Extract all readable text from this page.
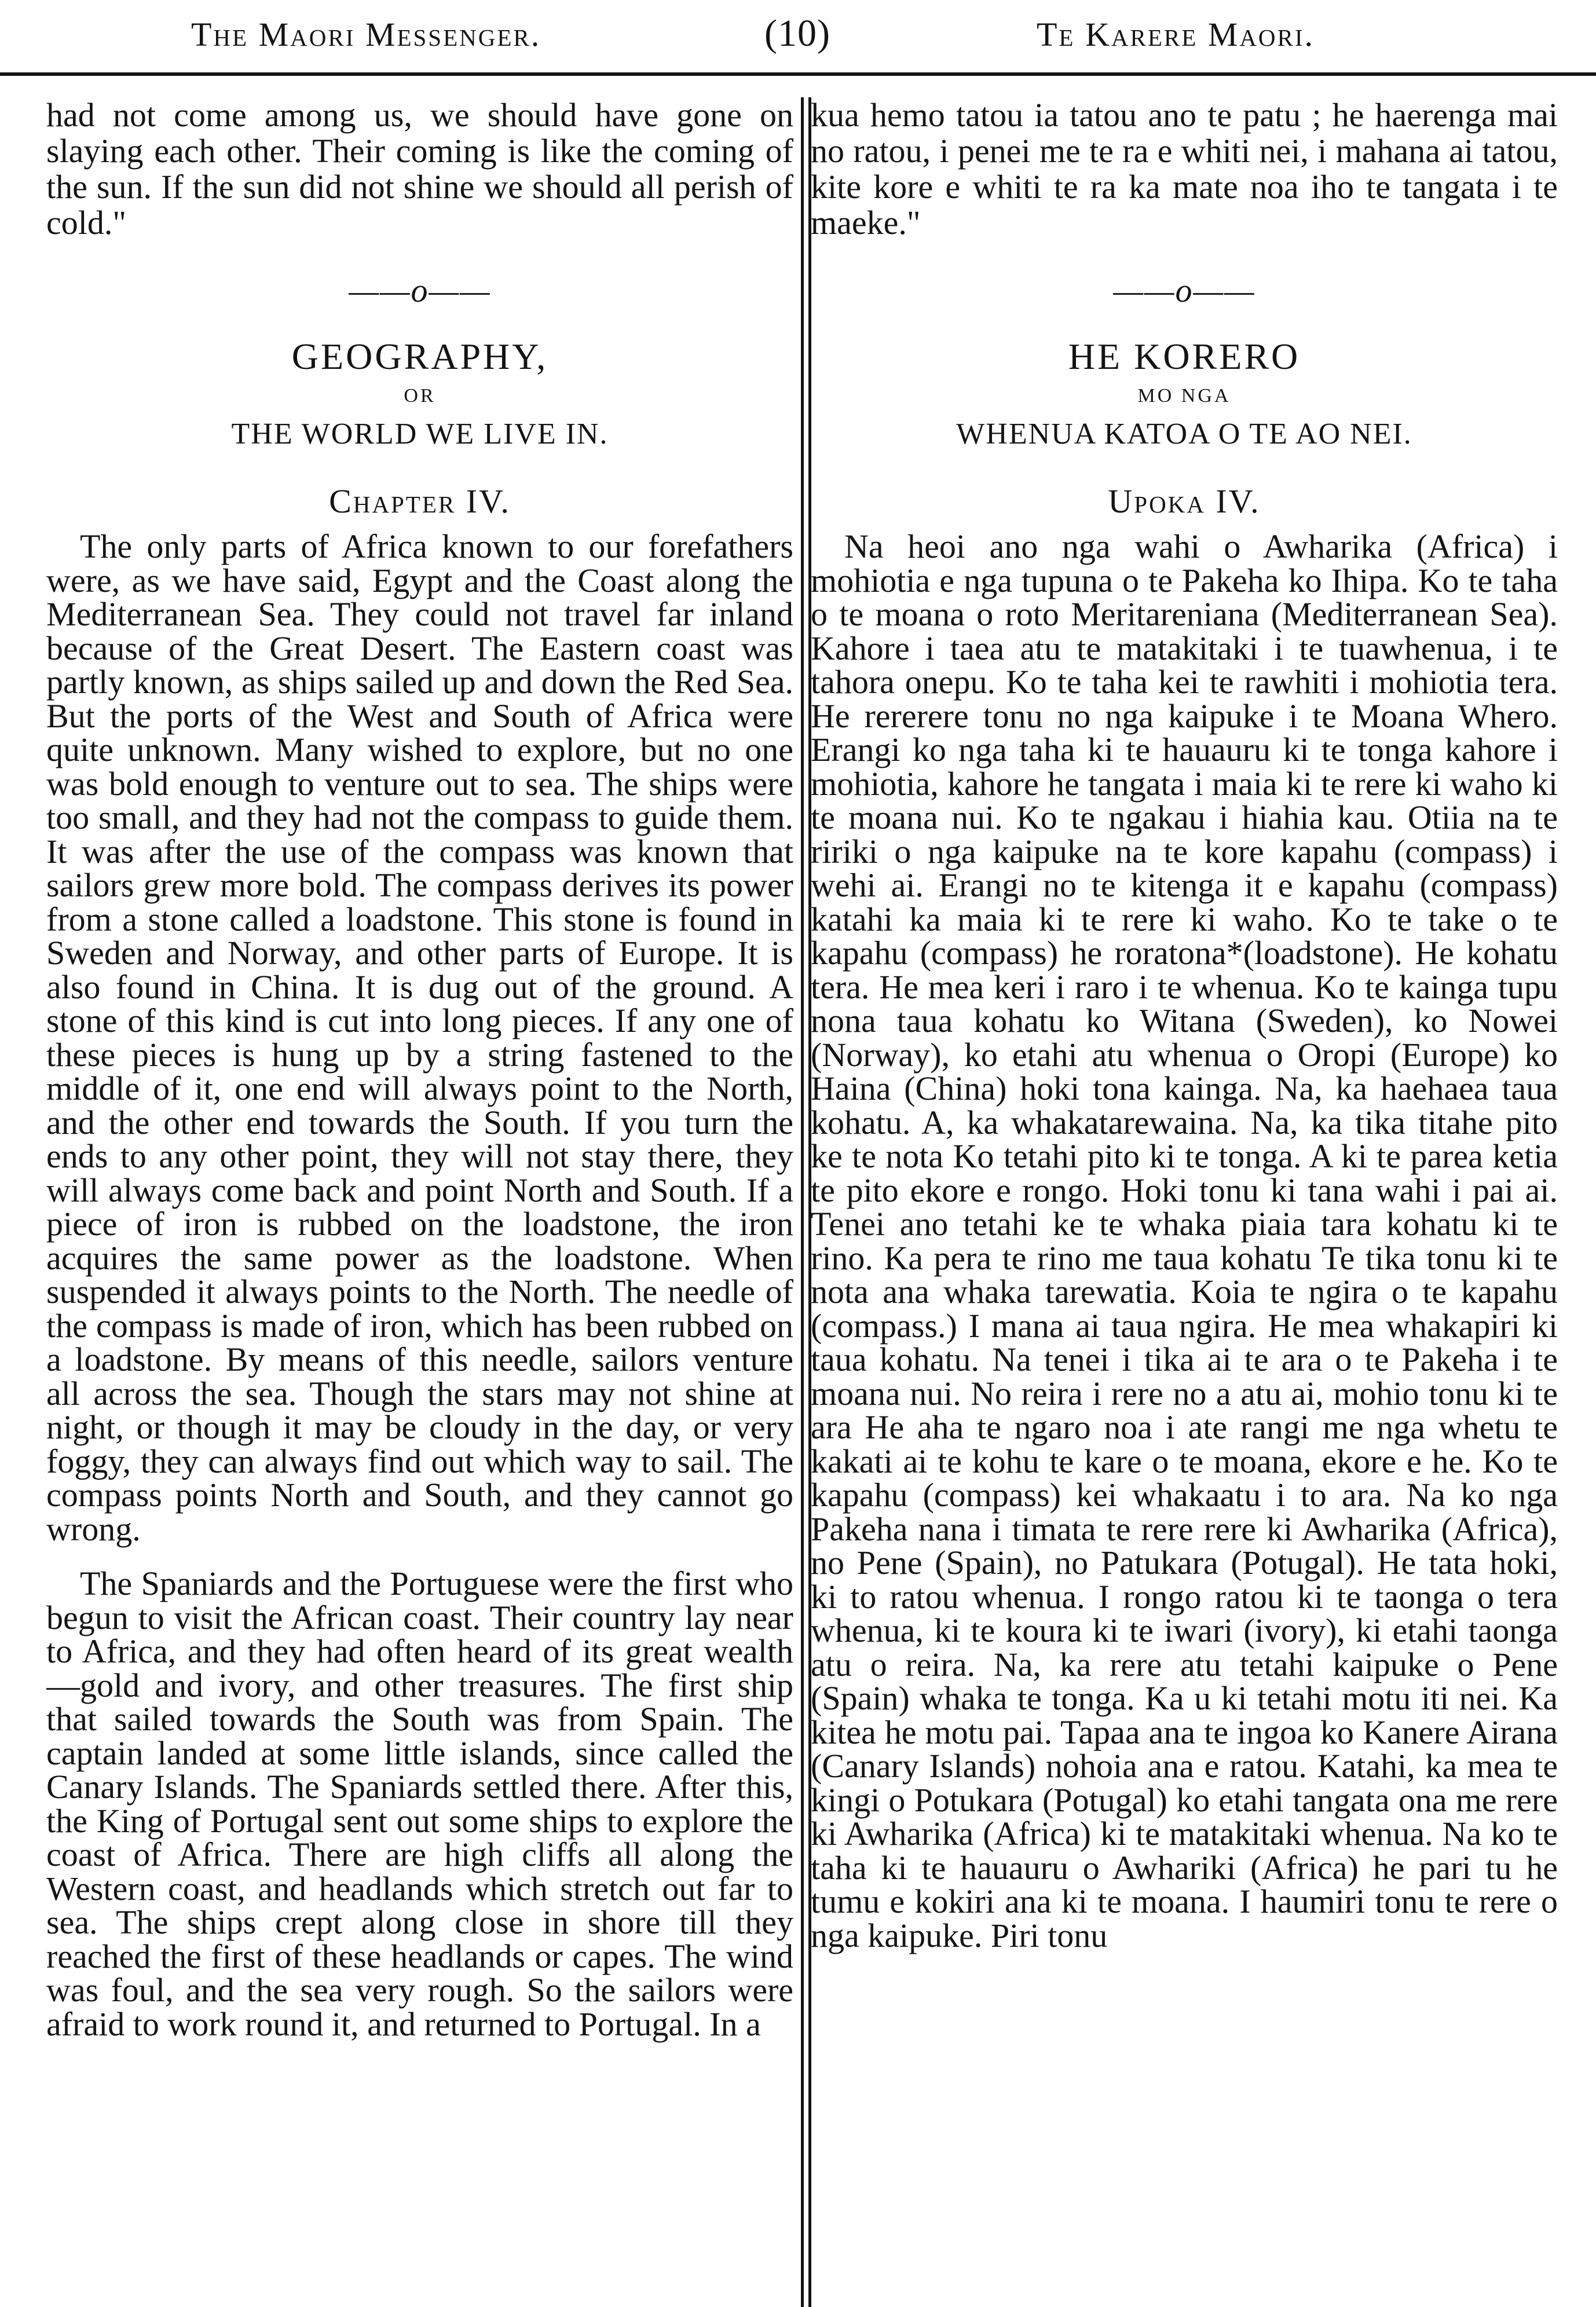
The Maori Messenger.	(10)	Te Karere Maori.

had not come among us, we should have gone on slaying each other. Their coming is like the coming of the sun. If the sun did not shine we should all perish of cold."

——o——
GEOGRAPHY,
OR
THE WORLD WE LIVE IN.
Chapter IV.

The only parts of Africa known to our forefathers were, as we have said, Egypt and the Coast along the Mediterranean Sea. They could not travel far inland because of the Great Desert. The Eastern coast was partly known, as ships sailed up and down the Red Sea. But the ports of the West and South of Africa were quite unknown. Many wished to explore, but no one was bold enough to venture out to sea. The ships were too small, and they had not the compass to guide them. It was after the use of the compass was known that sailors grew more bold. The compass derives its power from a stone called a loadstone. This stone is found in Sweden and Norway, and other parts of Europe. It is also found in China. It is dug out of the ground. A stone of this kind is cut into long pieces. If any one of these pieces is hung up by a string fastened to the middle of it, one end will always point to the North, and the other end towards the South. If you turn the ends to any other point, they will not stay there, they will always come back and point North and South. If a piece of iron is rubbed on the loadstone, the iron acquires the same power as the loadstone. When suspended it always points to the North. The needle of the compass is made of iron, which has been rubbed on a loadstone. By means of this needle, sailors venture all across the sea. Though the stars may not shine at night, or though it may be cloudy in the day, or very foggy, they can always find out which way to sail. The compass points North and South, and they cannot go wrong.

The Spaniards and the Portuguese were the first who begun to visit the African coast. Their country lay near to Africa, and they had often heard of its great wealth—gold and ivory, and other treasures. The first ship that sailed towards the South was from Spain. The captain landed at some little islands, since called the Canary Islands. The Spaniards settled there. After this, the King of Portugal sent out some ships to explore the coast of Africa. There are high cliffs all along the Western coast, and headlands which stretch out far to sea. The ships crept along close in shore till they reached the first of these headlands or capes. The wind was foul, and the sea very rough. So the sailors were afraid to work round it, and returned to Portugal. In a

kua hemo tatou ia tatou ano te patu ; he haerenga mai no ratou, i penei me te ra e whiti nei, i mahana ai tatou, kite kore e whiti te ra ka mate noa iho te tangata i te maeke."

——o——
HE KORERO
MO NGA
WHENUA KATOA O TE AO NEI.
Upoka IV.

Na heoi ano nga wahi o Awharika (Africa) i mohiotia e nga tupuna o te Pakeha ko Ihipa. Ko te taha o te moana o roto Meritareniana (Mediterranean Sea). Kahore i taea atu te matakitaki i te tuawhenua, i te tahora onepu. Ko te taha kei te rawhiti i mohiotia tera. He rererere tonu no nga kaipuke i te Moana Whero. Erangi ko nga taha ki te hauauru ki te tonga kahore i mohiotia, kahore he tangata i maia ki te rere ki waho ki te moana nui. Ko te ngakau i hiahia kau. Otiia na te ririki o nga kaipuke na te kore kapahu (compass) i wehi ai. Erangi no te kitenga it e kapahu (compass) katahi ka maia ki te rere ki waho. Ko te take o te kapahu (compass) he roratona*(loadstone). He kohatu tera. He mea keri i raro i te whenua. Ko te kainga tupu nona taua kohatu ko Witana (Sweden), ko Nowei (Norway), ko etahi atu whenua o Oropi (Europe) ko Haina (China) hoki tona kainga. Na, ka haehaea taua kohatu. A, ka whakatarewaina. Na, ka tika titahe pito ke te nota Ko tetahi pito ki te tonga. A ki te parea ketia te pito ekore e rongo. Hoki tonu ki tana wahi i pai ai. Tenei ano tetahi ke te whaka piaia tara kohatu ki te rino. Ka pera te rino me taua kohatu Te tika tonu ki te nota ana whaka tarewatia. Koia te ngira o te kapahu (compass.) I mana ai taua ngira. He mea whakapiri ki taua kohatu. Na tenei i tika ai te ara o te Pakeha i te moana nui. No reira i rere no a atu ai, mohio tonu ki te ara He aha te ngaro noa i ate rangi me nga whetu te kakati ai te kohu te kare o te moana, ekore e he. Ko te kapahu (compass) kei whakaatu i to ara. Na ko nga Pakeha nana i timata te rere rere ki Awharika (Africa), no Pene (Spain), no Patukara (Potugal). He tata hoki, ki to ratou whenua. I rongo ratou ki te taonga o tera whenua, ki te koura ki te iwari (ivory), ki etahi taonga atu o reira. Na, ka rere atu tetahi kaipuke o Pene (Spain) whaka te tonga. Ka u ki tetahi motu iti nei. Ka kitea he motu pai. Tapaa ana te ingoa ko Kanere Airana (Canary Islands) nohoia ana e ratou. Katahi, ka mea te kingi o Potukara (Potugal) ko etahi tangata ona me rere ki Awharika (Africa) ki te matakitaki whenua. Na ko te taha ki te hauauru o Awhariki (Africa) he pari tu he tumu e kokiri ana ki te moana. I haumiri tonu te rere o nga kaipuke. Piri tonu
